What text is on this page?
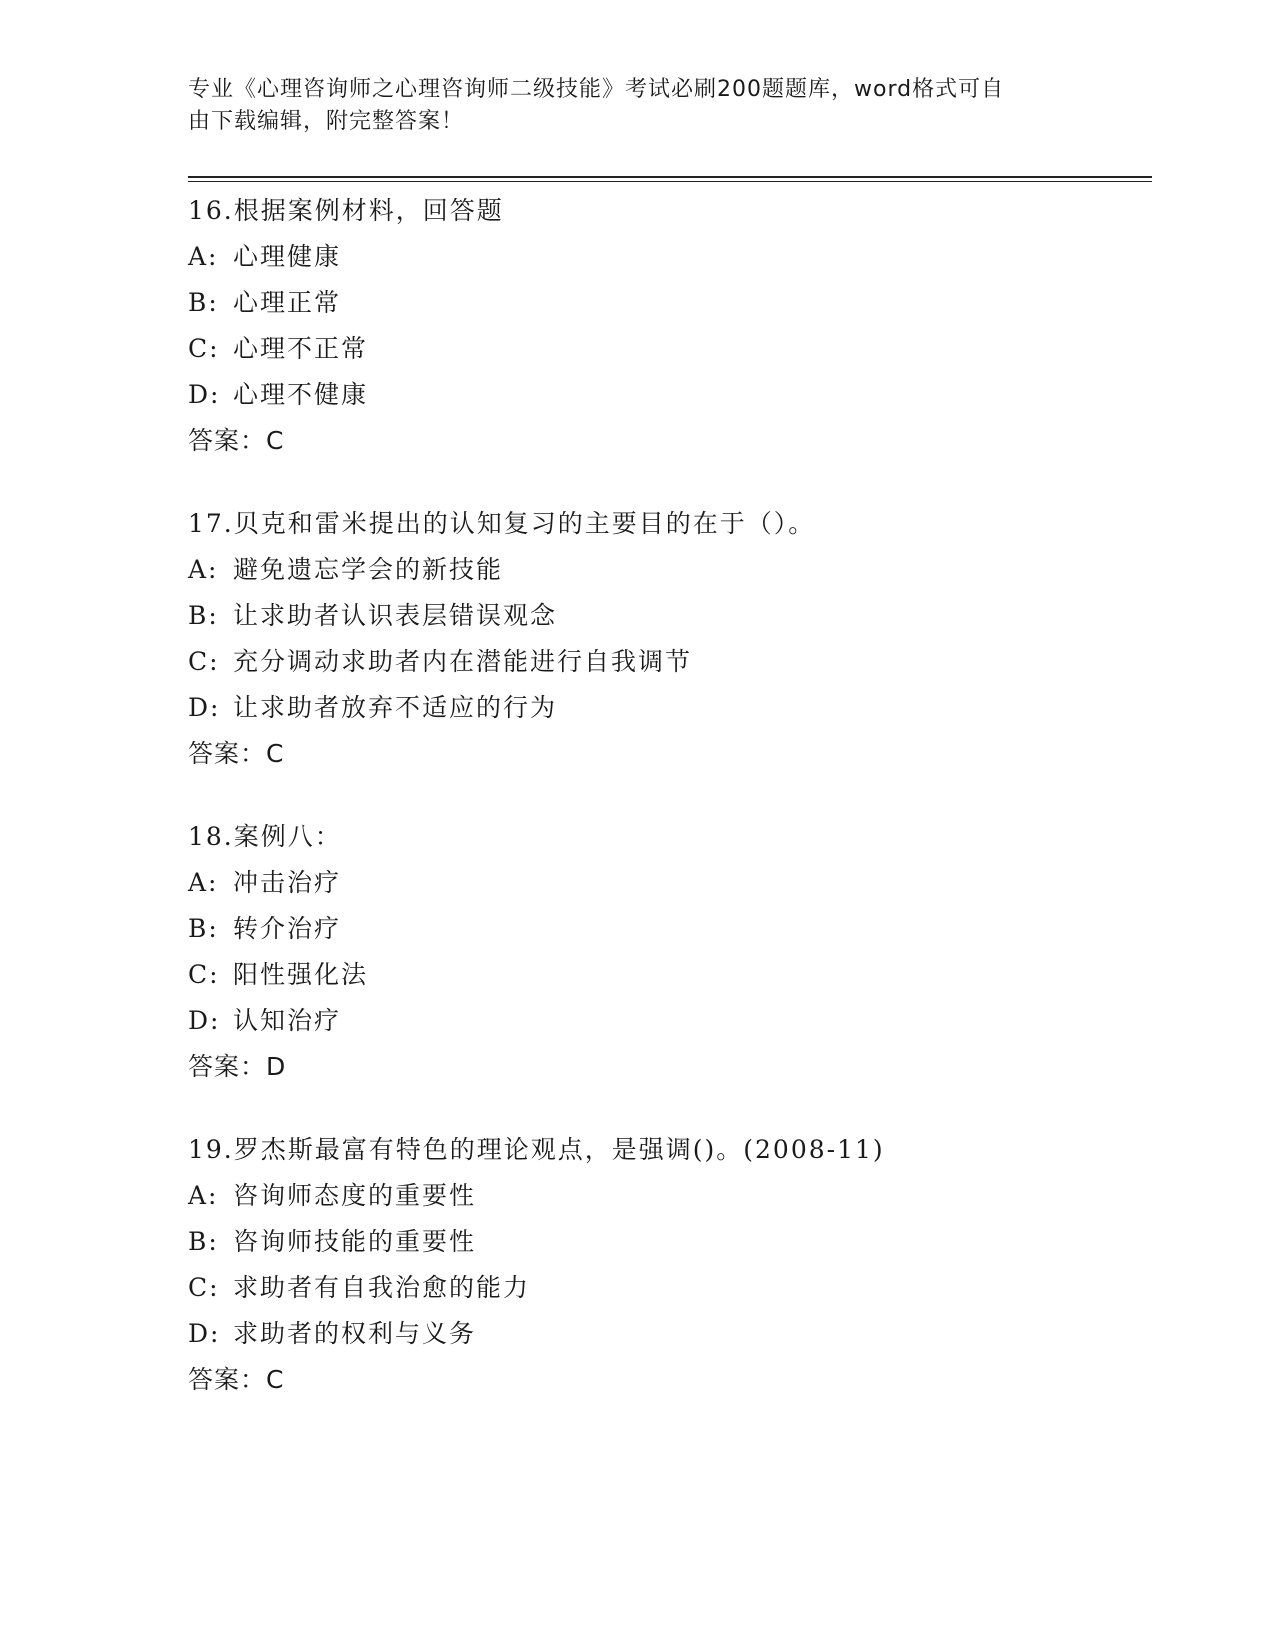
专业《心理咨询师之心理咨询师二级技能》考试必刷200题题库，word格式可自

由下载编辑，附完整答案！

16.根据案例材料，回答题
A: 心理健康
B: 心理正常
C: 心理不正常
D: 心理不健康
答案：C
17.贝克和雷米提出的认知复习的主要目的在于（）。
A: 避免遗忘学会的新技能
B: 让求助者认识表层错误观念
C: 充分调动求助者内在潜能进行自我调节
D: 让求助者放弃不适应的行为
答案：C
18.案例八：
A: 冲击治疗
B: 转介治疗
C: 阳性强化法
D: 认知治疗
答案：D
19.罗杰斯最富有特色的理论观点，是强调()。(2008-11)
A: 咨询师态度的重要性
B: 咨询师技能的重要性
C: 求助者有自我治愈的能力
D: 求助者的权利与义务
答案：C
